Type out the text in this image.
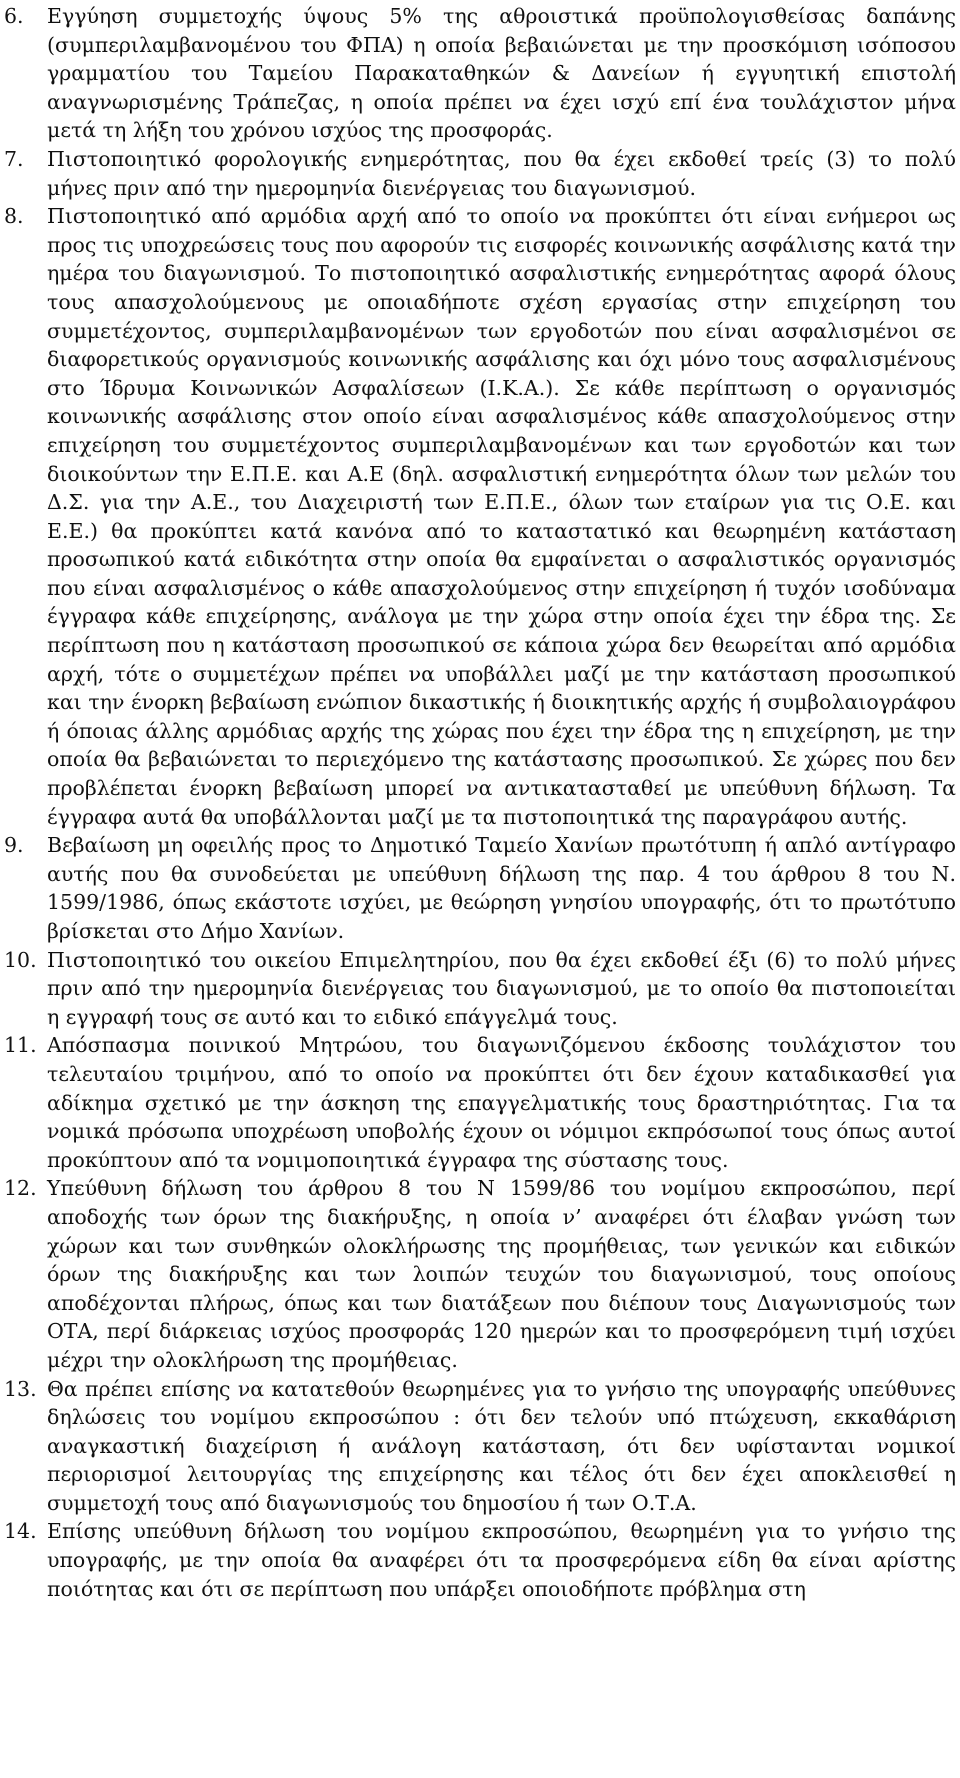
6. Εγγύηση συμμετοχής ύψους 5% της αθροιστικά προϋπολογισθείσας δαπάνης (συμπεριλαμβανομένου του ΦΠΑ) η οποία βεβαιώνεται με την προσκόμιση ισόποσου γραμματίου του Ταμείου Παρακαταθηκών & Δανείων ή εγγυητική επιστολή αναγνωρισμένης Τράπεζας, η οποία πρέπει να έχει ισχύ επί ένα τουλάχιστον μήνα μετά τη λήξη του χρόνου ισχύος της προσφοράς.
7. Πιστοποιητικό φορολογικής ενημερότητας, που θα έχει εκδοθεί τρείς (3) το πολύ μήνες πριν από την ημερομηνία διενέργειας του διαγωνισμού.
8. Πιστοποιητικό από αρμόδια αρχή από το οποίο να προκύπτει ότι είναι ενήμεροι ως προς τις υποχρεώσεις τους που αφορούν τις εισφορές κοινωνικής ασφάλισης κατά την ημέρα του διαγωνισμού. Το πιστοποιητικό ασφαλιστικής ενημερότητας αφορά όλους τους απασχολούμενους με οποιαδήποτε σχέση εργασίας στην επιχείρηση του συμμετέχοντος, συμπεριλαμβανομένων των εργοδοτών που είναι ασφαλισμένοι σε διαφορετικούς οργανισμούς κοινωνικής ασφάλισης και όχι μόνο τους ασφαλισμένους στο Ίδρυμα Κοινωνικών Ασφαλίσεων (Ι.Κ.Α.). Σε κάθε περίπτωση ο οργανισμός κοινωνικής ασφάλισης στον οποίο είναι ασφαλισμένος κάθε απασχολούμενος στην επιχείρηση του συμμετέχοντος συμπεριλαμβανομένων και των εργοδοτών και των διοικούντων την Ε.Π.Ε. και Α.Ε (δηλ. ασφαλιστική ενημερότητα όλων των μελών του Δ.Σ. για την Α.Ε., του Διαχειριστή των Ε.Π.Ε., όλων των εταίρων για τις Ο.Ε. και Ε.Ε.) θα προκύπτει κατά κανόνα από το καταστατικό και θεωρημένη κατάσταση προσωπικού κατά ειδικότητα στην οποία θα εμφαίνεται ο ασφαλιστικός οργανισμός που είναι ασφαλισμένος ο κάθε απασχολούμενος στην επιχείρηση ή τυχόν ισοδύναμα έγγραφα κάθε επιχείρησης, ανάλογα με την χώρα στην οποία έχει την έδρα της. Σε περίπτωση που η κατάσταση προσωπικού σε κάποια χώρα δεν θεωρείται από αρμόδια αρχή, τότε ο συμμετέχων πρέπει να υποβάλλει μαζί με την κατάσταση προσωπικού και την ένορκη βεβαίωση ενώπιον δικαστικής ή διοικητικής αρχής ή συμβολαιογράφου ή όποιας άλλης αρμόδιας αρχής της χώρας που έχει την έδρα της η επιχείρηση, με την οποία θα βεβαιώνεται το περιεχόμενο της κατάστασης προσωπικού. Σε χώρες που δεν προβλέπεται ένορκη βεβαίωση μπορεί να αντικατασταθεί με υπεύθυνη δήλωση. Τα έγγραφα αυτά θα υποβάλλονται μαζί με τα πιστοποιητικά της παραγράφου αυτής.
9. Βεβαίωση μη οφειλής προς το Δημοτικό Ταμείο Χανίων πρωτότυπη ή απλό αντίγραφο αυτής που θα συνοδεύεται με υπεύθυνη δήλωση της παρ. 4 του άρθρου 8 του Ν. 1599/1986, όπως εκάστοτε ισχύει, με θεώρηση γνησίου υπογραφής, ότι το πρωτότυπο βρίσκεται στο Δήμο Χανίων.
10. Πιστοποιητικό του οικείου Επιμελητηρίου, που θα έχει εκδοθεί έξι (6) το πολύ μήνες πριν από την ημερομηνία διενέργειας του διαγωνισμού, με το οποίο θα πιστοποιείται η εγγραφή τους σε αυτό και το ειδικό επάγγελμά τους.
11. Απόσπασμα ποινικού Μητρώου, του διαγωνιζόμενου έκδοσης τουλάχιστον του τελευταίου τριμήνου, από το οποίο να προκύπτει ότι δεν έχουν καταδικασθεί για αδίκημα σχετικό με την άσκηση της επαγγελματικής τους δραστηριότητας. Για τα νομικά πρόσωπα υποχρέωση υποβολής έχουν οι νόμιμοι εκπρόσωποί τους όπως αυτοί προκύπτουν από τα νομιμοποιητικά έγγραφα της σύστασης τους.
12. Υπεύθυνη δήλωση του άρθρου 8 του Ν 1599/86 του νομίμου εκπροσώπου, περί αποδοχής των όρων της διακήρυξης, η οποία ν’ αναφέρει ότι έλαβαν γνώση των χώρων και των συνθηκών ολοκλήρωσης της προμήθειας, των γενικών και ειδικών όρων της διακήρυξης και των λοιπών τευχών του διαγωνισμού, τους οποίους αποδέχονται πλήρως, όπως και των διατάξεων που διέπουν τους Διαγωνισμούς των ΟΤΑ, περί διάρκειας ισχύος προσφοράς 120 ημερών και το προσφερόμενη τιμή ισχύει μέχρι την ολοκλήρωση της προμήθειας.
13. Θα πρέπει επίσης να κατατεθούν θεωρημένες για το γνήσιο της υπογραφής υπεύθυνες δηλώσεις του νομίμου εκπροσώπου : ότι δεν τελούν υπό πτώχευση, εκκαθάριση αναγκαστική διαχείριση ή ανάλογη κατάσταση, ότι δεν υφίστανται νομικοί περιορισμοί λειτουργίας της επιχείρησης και τέλος ότι δεν έχει αποκλεισθεί η συμμετοχή τους από διαγωνισμούς του δημοσίου ή των Ο.Τ.Α.
14. Επίσης υπεύθυνη δήλωση του νομίμου εκπροσώπου, θεωρημένη για το γνήσιο της υπογραφής, με την οποία θα αναφέρει ότι τα προσφερόμενα είδη θα είναι αρίστης ποιότητας και ότι σε περίπτωση που υπάρξει οποιοδήποτε πρόβλημα στη
